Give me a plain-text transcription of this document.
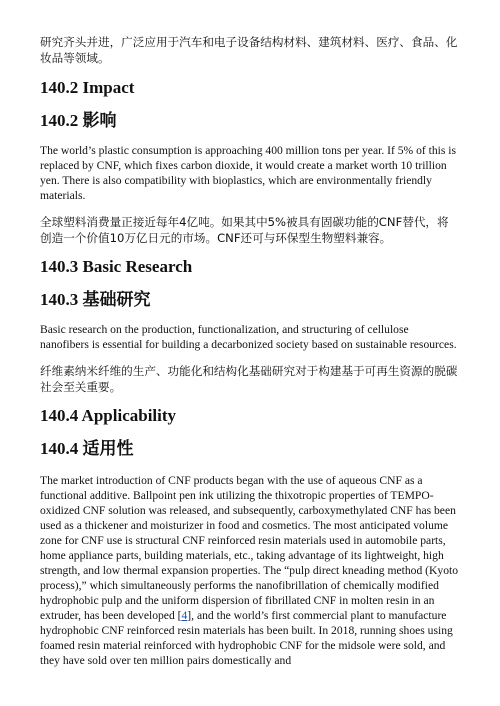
研究齐头并进，广泛应用于汽车和电子设备结构材料、建筑材料、医疗、食品、化妆品等领域。

140.2 Impact
140.2 影响

The world’s plastic consumption is approaching 400 million tons per year. If 5% of this is replaced by CNF, which fixes carbon dioxide, it would create a market worth 10 trillion yen. There is also compatibility with bioplastics, which are environmentally friendly materials.

全球塑料消费量正接近每年4亿吨。如果其中5%被具有固碳功能的CNF替代，将创造一个价值10万亿日元的市场。CNF还可与环保型生物塑料兼容。

140.3 Basic Research
140.3 基础研究

Basic research on the production, functionalization, and structuring of cellulose nanofibers is essential for building a decarbonized society based on sustainable resources.

纤维素纳米纤维的生产、功能化和结构化基础研究对于构建基于可再生资源的脱碳社会至关重要。

140.4 Applicability
140.4 适用性

The market introduction of CNF products began with the use of aqueous CNF as a functional additive. Ballpoint pen ink utilizing the thixotropic properties of TEMPO-oxidized CNF solution was released, and subsequently, carboxymethylated CNF has been used as a thickener and moisturizer in food and cosmetics. The most anticipated volume zone for CNF use is structural CNF reinforced resin materials used in automobile parts, home appliance parts, building materials, etc., taking advantage of its lightweight, high strength, and low thermal expansion properties. The “pulp direct kneading method (Kyoto process),” which simultaneously performs the nanofibrillation of chemically modified hydrophobic pulp and the uniform dispersion of fibrillated CNF in molten resin in an extruder, has been developed [4], and the world’s first commercial plant to manufacture hydrophobic CNF reinforced resin materials has been built. In 2018, running shoes using foamed resin material reinforced with hydrophobic CNF for the midsole were sold, and they have sold over ten million pairs domestically and
